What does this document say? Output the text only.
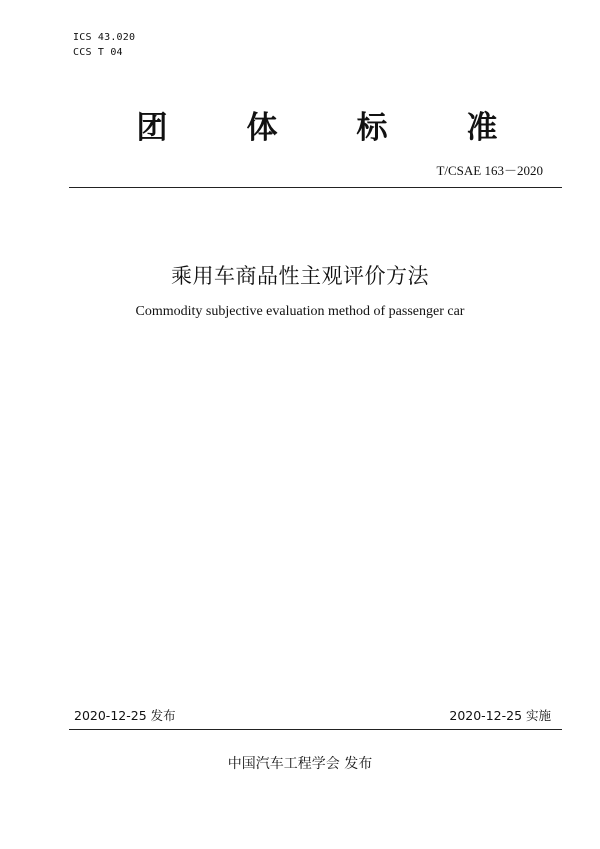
ICS 43.020
CCS T 04
团	体	标	准
T/CSAE 163－2020
乘用车商品性主观评价方法
Commodity subjective evaluation method of passenger car
2020-12-25 发布	2020-12-25 实施
中国汽车工程学会 发布
